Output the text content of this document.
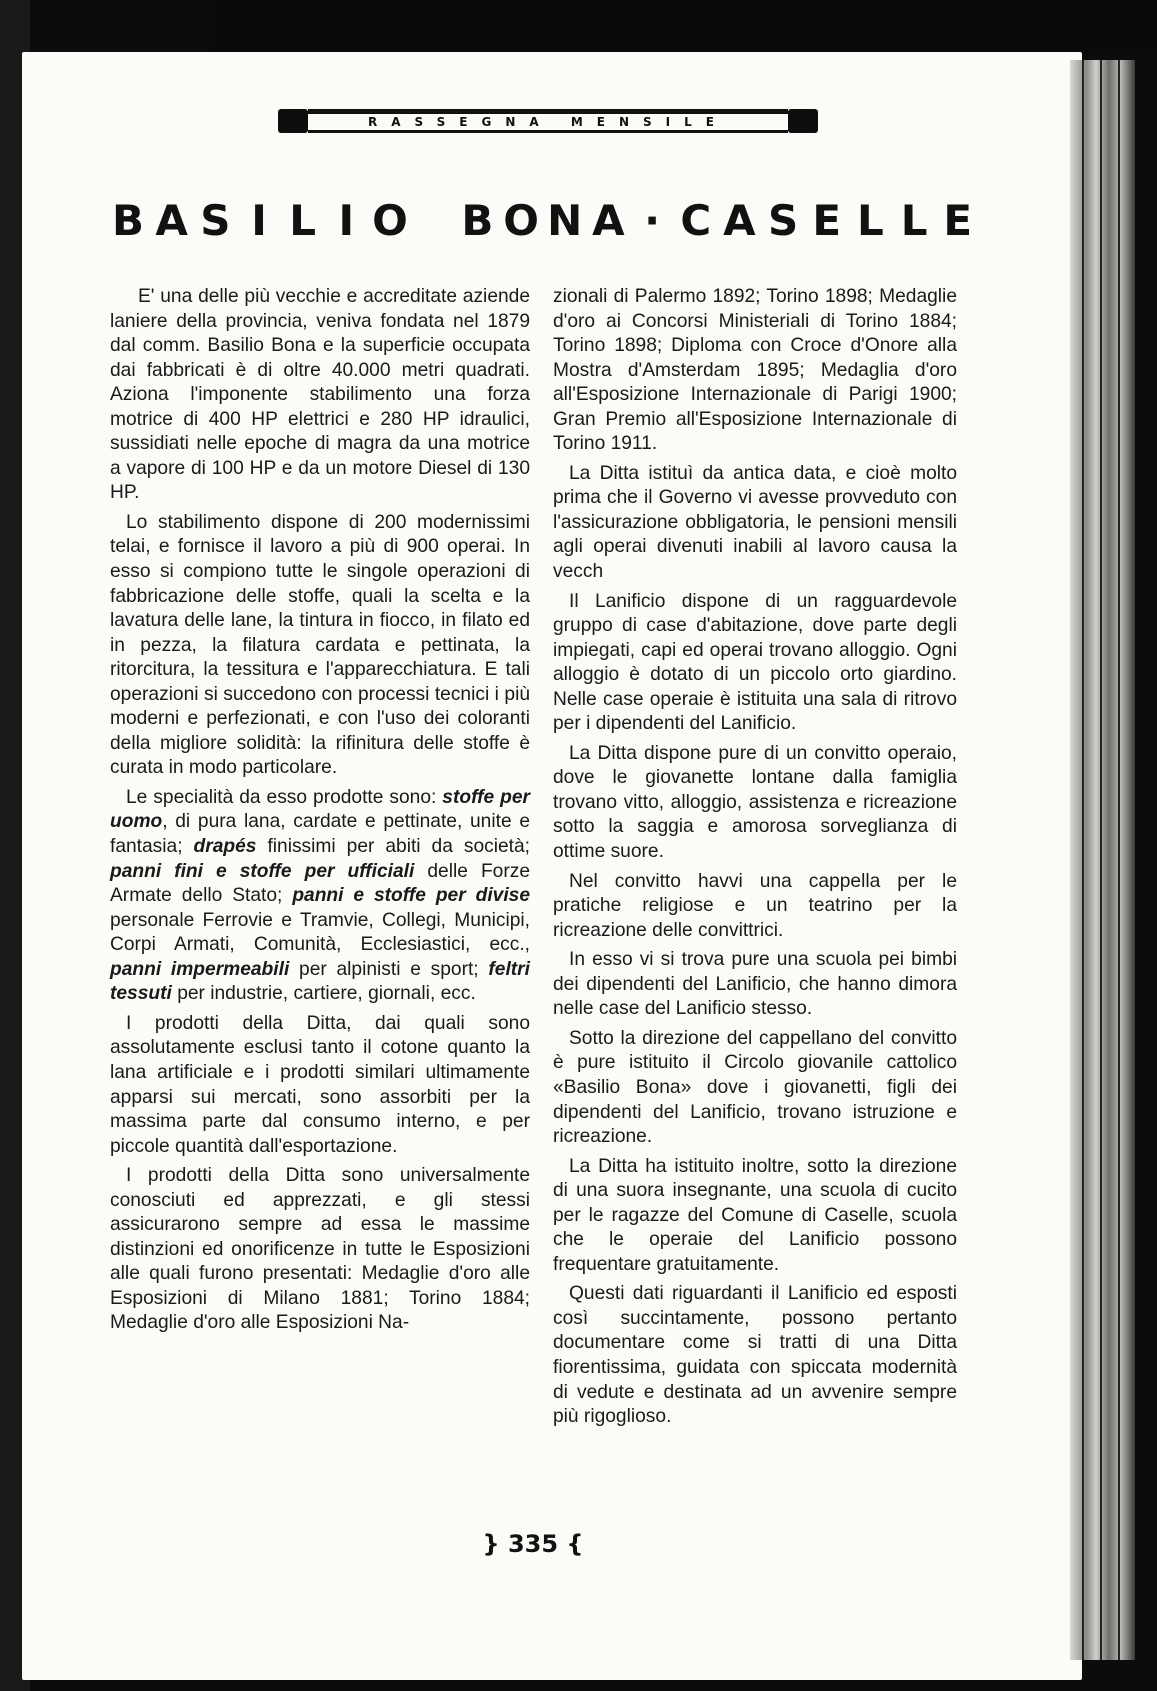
RASSEGNA MENSILE
B A S I L I O B O N A · C A S E L L E

E' una delle più vecchie e accreditate aziende laniere della provincia, veniva fondata nel 1879 dal comm. Basilio Bona e la superficie occupata dai fabbricati è di oltre 40.000 metri quadrati. Aziona l'imponente stabilimento una forza motrice di 400 HP elettrici e 280 HP idraulici, sussidiati nelle epoche di magra da una motrice a vapore di 100 HP e da un motore Diesel di 130 HP.

Lo stabilimento dispone di 200 modernissimi telai, e fornisce il lavoro a più di 900 operai. In esso si compiono tutte le singole operazioni di fabbricazione delle stoffe, quali la scelta e la lavatura delle lane, la tintura in fiocco, in filato ed in pezza, la filatura cardata e pettinata, la ritorcitura, la tessitura e l'apparecchiatura. E tali operazioni si succedono con processi tecnici i più moderni e perfezionati, e con l'uso dei coloranti della migliore solidità: la rifinitura delle stoffe è curata in modo particolare.

Le specialità da esso prodotte sono: stoffe per uomo, di pura lana, cardate e pettinate, unite e fantasia; drapés finissimi per abiti da società; panni fini e stoffe per ufficiali delle Forze Armate dello Stato; panni e stoffe per divise personale Ferrovie e Tramvie, Collegi, Municipi, Corpi Armati, Comunità, Ecclesiastici, ecc., panni impermeabili per alpinisti e sport; feltri tessuti per industrie, cartiere, giornali, ecc.

I prodotti della Ditta, dai quali sono assolutamente esclusi tanto il cotone quanto la lana artificiale e i prodotti similari ultimamente apparsi sui mercati, sono assorbiti per la massima parte dal consumo interno, e per piccole quantità dall'esportazione.

I prodotti della Ditta sono universalmente conosciuti ed apprezzati, e gli stessi assicurarono sempre ad essa le massime distinzioni ed onorificenze in tutte le Esposizioni alle quali furono presentati: Medaglie d'oro alle Esposizioni di Milano 1881; Torino 1884; Medaglie d'oro alle Esposizioni Na-

zionali di Palermo 1892; Torino 1898; Medaglie d'oro ai Concorsi Ministeriali di Torino 1884; Torino 1898; Diploma con Croce d'Onore alla Mostra d'Amsterdam 1895; Medaglia d'oro all'Esposizione Internazionale di Parigi 1900; Gran Premio all'Esposizione Internazionale di Torino 1911.

La Ditta istituì da antica data, e cioè molto prima che il Governo vi avesse provveduto con l'assicurazione obbligatoria, le pensioni mensili agli operai divenuti inabili al lavoro causa la vecch

Il Lanificio dispone di un ragguardevole gruppo di case d'abitazione, dove parte degli impiegati, capi ed operai trovano alloggio. Ogni alloggio è dotato di un piccolo orto giardino. Nelle case operaie è istituita una sala di ritrovo per i dipendenti del Lanificio.

La Ditta dispone pure di un convitto operaio, dove le giovanette lontane dalla famiglia trovano vitto, alloggio, assistenza e ricreazione sotto la saggia e amorosa sorveglianza di ottime suore.

Nel convitto havvi una cappella per le pratiche religiose e un teatrino per la ricreazione delle convittrici.

In esso vi si trova pure una scuola pei bimbi dei dipendenti del Lanificio, che hanno dimora nelle case del Lanificio stesso.

Sotto la direzione del cappellano del convitto è pure istituito il Circolo giovanile cattolico «Basilio Bona» dove i giovanetti, figli dei dipendenti del Lanificio, trovano istruzione e ricreazione.

La Ditta ha istituito inoltre, sotto la direzione di una suora insegnante, una scuola di cucito per le ragazze del Comune di Caselle, scuola che le operaie del Lanificio possono frequentare gratuitamente.

Questi dati riguardanti il Lanificio ed esposti così succintamente, possono pertanto documentare come si tratti di una Ditta fiorentissima, guidata con spiccata modernità di vedute e destinata ad un avvenire sempre più rigoglioso.

} 335 {
